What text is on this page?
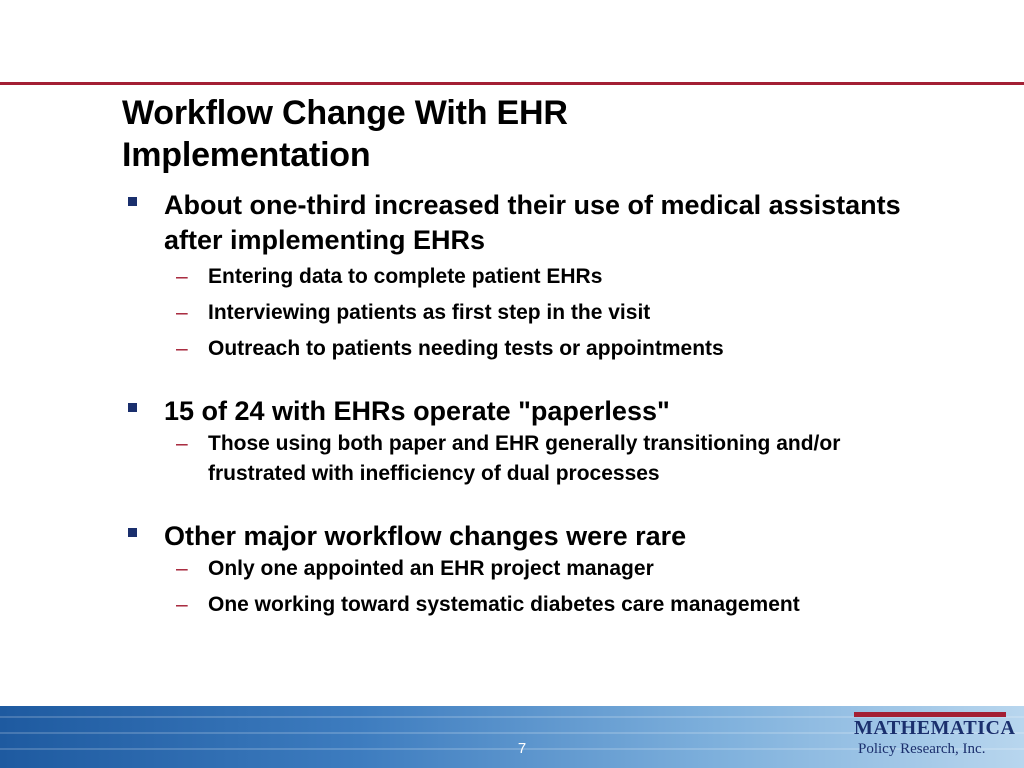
Workflow Change With EHR Implementation
About one-third increased their use of medical assistants after implementing EHRs
– Entering data to complete patient EHRs
– Interviewing patients as first step in the visit
– Outreach to patients needing tests or appointments
15 of 24 with EHRs operate "paperless"
– Those using both paper and EHR generally transitioning and/or frustrated with inefficiency of dual processes
Other major workflow changes were rare
– Only one appointed an EHR project manager
– One working toward systematic diabetes care management
7
MATHEMATICA
Policy Research, Inc.
